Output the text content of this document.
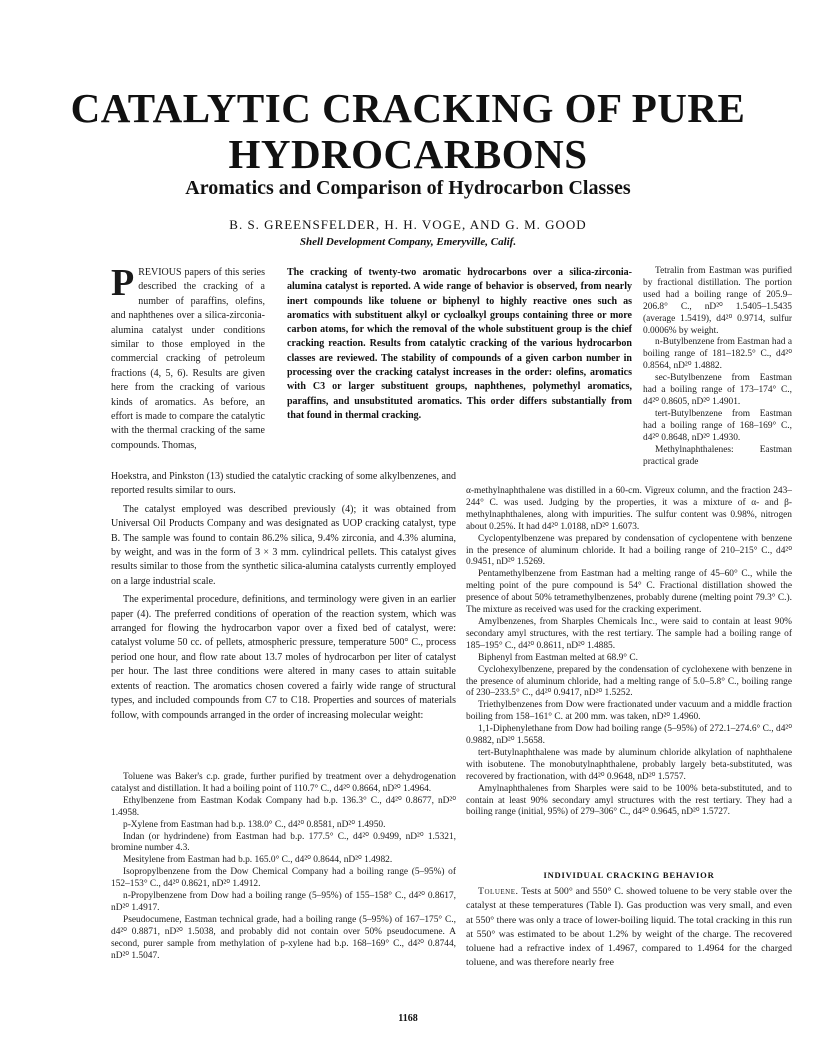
CATALYTIC CRACKING OF PURE
HYDROCARBONS
Aromatics and Comparison of Hydrocarbon Classes
B. S. GREENSFELDER, H. H. VOGE, AND G. M. GOOD
Shell Development Company, Emeryville, Calif.
P REVIOUS papers of this series described the cracking of a number of paraffins, olefins, and naphthenes over a silica-zirconia-alumina catalyst under conditions similar to those employed in the commercial cracking of petroleum fractions (4, 5, 6). Results are given here from the cracking of various kinds of aromatics. As before, an effort is made to compare the catalytic with the thermal cracking of the same compounds. Thomas,

Hoekstra, and Pinkston (13) studied the catalytic cracking of some alkylbenzenes, and reported results similar to ours.

The catalyst employed was described previously (4); it was obtained from Universal Oil Products Company and was designated as UOP cracking catalyst, type B. The sample was found to contain 86.2% silica, 9.4% zirconia, and 4.3% alumina, by weight, and was in the form of 3 × 3 mm. cylindrical pellets. This catalyst gives results similar to those from the synthetic silica-alumina catalysts currently employed on a large industrial scale.

The experimental procedure, definitions, and terminology were given in an earlier paper (4). The preferred conditions of operation of the reaction system, which was arranged for flowing the hydrocarbon vapor over a fixed bed of catalyst, were: catalyst volume 50 cc. of pellets, atmospheric pressure, temperature 500° C., process period one hour, and flow rate about 13.7 moles of hydrocarbon per liter of catalyst per hour. The last three conditions were altered in many cases to attain suitable extents of reaction. The aromatics chosen covered a fairly wide range of structural types, and included compounds from C7 to C18. Properties and sources of materials follow, with compounds arranged in the order of increasing molecular weight:

Toluene was Baker's c.p. grade, further purified by treatment over a dehydrogenation catalyst and distillation. It had a boiling point of 110.7° C., d4²⁰ 0.8664, nD²⁰ 1.4964.

Ethylbenzene from Eastman Kodak Company had b.p. 136.3° C., d4²⁰ 0.8677, nD²⁰ 1.4958.

p-Xylene from Eastman had b.p. 138.0° C., d4²⁰ 0.8581, nD²⁰ 1.4950.

Indan (or hydrindene) from Eastman had b.p. 177.5° C., d4²⁰ 0.9499, nD²⁰ 1.5321, bromine number 4.3.

Mesitylene from Eastman had b.p. 165.0° C., d4²⁰ 0.8644, nD²⁰ 1.4982.

Isopropylbenzene from the Dow Chemical Company had a boiling range (5–95%) of 152–153° C., d4²⁰ 0.8621, nD²⁰ 1.4912.

n-Propylbenzene from Dow had a boiling range (5–95%) of 155–158° C., d4²⁰ 0.8617, nD²⁰ 1.4917.

Pseudocumene, Eastman technical grade, had a boiling range (5–95%) of 167–175° C., d4²⁰ 0.8871, nD²⁰ 1.5038, and probably did not contain over 50% pseudocumene. A second, purer sample from methylation of p-xylene had b.p. 168–169° C., d4²⁰ 0.8744, nD²⁰ 1.5047.

The cracking of twenty-two aromatic hydrocarbons over a silica-zirconia-alumina catalyst is reported. A wide range of behavior is observed, from nearly inert compounds like toluene or biphenyl to highly reactive ones such as aromatics with substituent alkyl or cycloalkyl groups containing three or more carbon atoms, for which the removal of the whole substituent group is the chief cracking reaction. Results from catalytic cracking of the various hydrocarbon classes are reviewed. The stability of compounds of a given carbon number in processing over the cracking catalyst increases in the order: olefins, aromatics with C3 or larger substituent groups, naphthenes, polymethyl aromatics, paraffins, and unsubstituted aromatics. This order differs substantially from that found in thermal cracking.

Tetralin from Eastman was purified by fractional distillation. The portion used had a boiling range of 205.9–206.8° C., nD²⁰ 1.5405–1.5435 (average 1.5419), d4²⁰ 0.9714, sulfur 0.0006% by weight.

n-Butylbenzene from Eastman had a boiling range of 181–182.5° C., d4²⁰ 0.8564, nD²⁰ 1.4882.

sec-Butylbenzene from Eastman had a boiling range of 173–174° C., d4²⁰ 0.8605, nD²⁰ 1.4901.

tert-Butylbenzene from Eastman had a boiling range of 168–169° C., d4²⁰ 0.8648, nD²⁰ 1.4930.

Methylnaphthalenes: Eastman practical grade

α-methylnaphthalene was distilled in a 60-cm. Vigreux column, and the fraction 243–244° C. was used. Judging by the properties, it was a mixture of α- and β-methylnaphthalenes, along with impurities. The sulfur content was 0.98%, nitrogen about 0.25%. It had d4²⁰ 1.0188, nD²⁰ 1.6073.

Cyclopentylbenzene was prepared by condensation of cyclopentene with benzene in the presence of aluminum chloride. It had a boiling range of 210–215° C., d4²⁰ 0.9451, nD²⁰ 1.5269.

Pentamethylbenzene from Eastman had a melting range of 45–60° C., while the melting point of the pure compound is 54° C. Fractional distillation showed the presence of about 50% tetramethylbenzenes, probably durene (melting point 79.3° C.). The mixture as received was used for the cracking experiment.

Amylbenzenes, from Sharples Chemicals Inc., were said to contain at least 90% secondary amyl structures, with the rest tertiary. The sample had a boiling range of 185–195° C., d4²⁰ 0.8611, nD²⁰ 1.4885.

Biphenyl from Eastman melted at 68.9° C.

Cyclohexylbenzene, prepared by the condensation of cyclohexene with benzene in the presence of aluminum chloride, had a melting range of 5.0–5.8° C., boiling range of 230–233.5° C., d4²⁰ 0.9417, nD²⁰ 1.5252.

Triethylbenzenes from Dow were fractionated under vacuum and a middle fraction boiling from 158–161° C. at 200 mm. was taken, nD²⁰ 1.4960.

1,1-Diphenylethane from Dow had boiling range (5–95%) of 272.1–274.6° C., d4²⁰ 0.9882, nD²⁰ 1.5658.

tert-Butylnaphthalene was made by aluminum chloride alkylation of naphthalene with isobutene. The monobutylnaphthalene, probably largely beta-substituted, was recovered by fractionation, with d4²⁰ 0.9648, nD²⁰ 1.5757.

Amylnaphthalenes from Sharples were said to be 100% beta-substituted, and to contain at least 90% secondary amyl structures with the rest tertiary. They had a boiling range (initial, 95%) of 279–306° C., d4²⁰ 0.9645, nD²⁰ 1.5727.

INDIVIDUAL CRACKING BEHAVIOR

Toluene. Tests at 500° and 550° C. showed toluene to be very stable over the catalyst at these temperatures (Table I). Gas production was very small, and even at 550° there was only a trace of lower-boiling liquid. The total cracking in this run at 550° was estimated to be about 1.2% by weight of the charge. The recovered toluene had a refractive index of 1.4967, compared to 1.4964 for the charged toluene, and was therefore nearly free

1168
